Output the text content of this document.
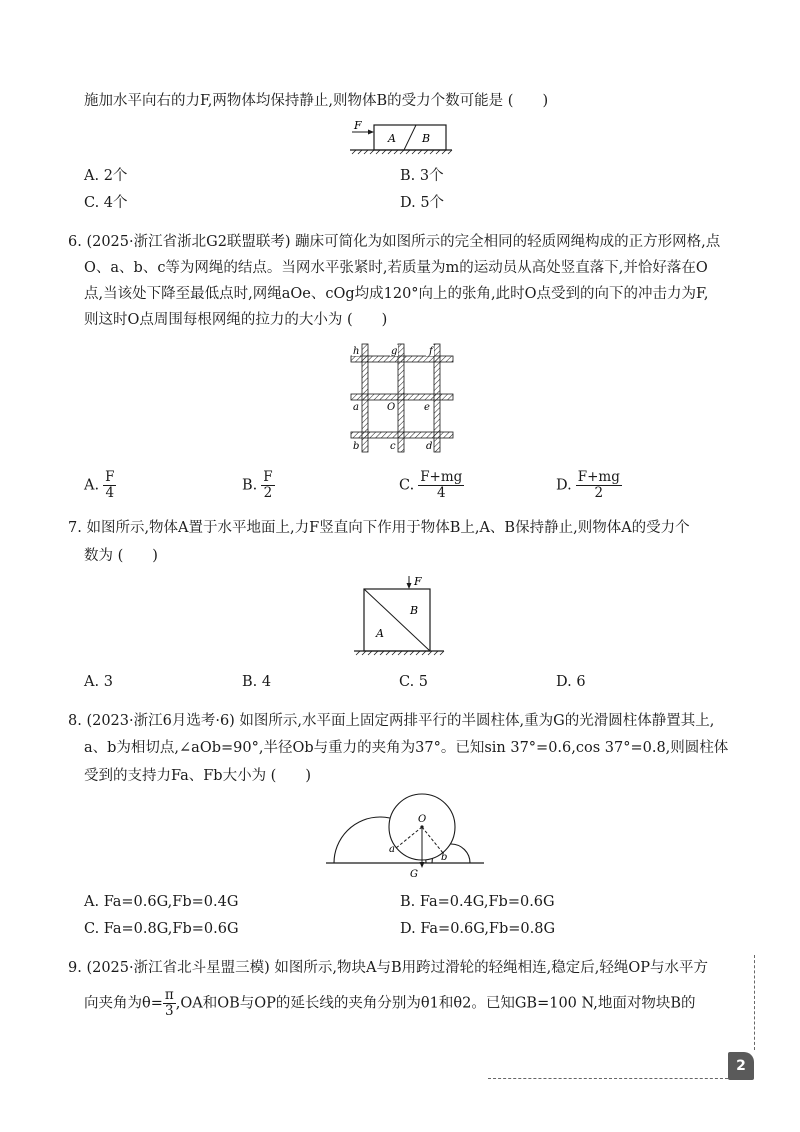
施加水平向右的力F,两物体均保持静止,则物体B的受力个数可能是 (　　)
F
A B
A. 2个	B. 3个
C. 4个	D. 5个
6. (2025·浙江省浙北G2联盟联考) 蹦床可简化为如图所示的完全相同的轻质网绳构成的正方形网格,点
O、a、b、c等为网绳的结点。当网水平张紧时,若质量为m的运动员从高处竖直落下,并恰好落在O
点,当该处下降至最低点时,网绳aOe、cOg均成120°向上的张角,此时O点受到的向下的冲击力为F,
则这时O点周围每根网绳的拉力的大小为 (　　)
h	g	f
a	O	e
b	c	d
A. $\frac{F}{4}$	B. $\frac{F}{2}$	C. $\frac{F+mg}{4}$	D. $\frac{F+mg}{2}$
7. 如图所示,物体A置于水平地面上,力F竖直向下作用于物体B上,A、B保持静止,则物体A的受力个
数为 (　　)
F
B
A
A. 3	B. 4	C. 5	D. 6
8. (2023·浙江6月选考·6) 如图所示,水平面上固定两排平行的半圆柱体,重为G的光滑圆柱体静置其上,
a、b为相切点,∠aOb=90°,半径Ob与重力的夹角为37°。已知sin 37°=0.6,cos 37°=0.8,则圆柱体
受到的支持力Fa、Fb大小为 (　　)
O
a
b
G
A. Fa=0.6G,Fb=0.4G	B. Fa=0.4G,Fb=0.6G
C. Fa=0.8G,Fb=0.6G	D. Fa=0.6G,Fb=0.8G
9. (2025·浙江省北斗星盟三模) 如图所示,物块A与B用跨过滑轮的轻绳相连,稳定后,轻绳OP与水平方
向夹角为$\theta= \frac{\pi}{3} ,OA$和OB与OP的延长线的夹角分别为θ1和θ2。已知GB=100 N,地面对物块B的
2
